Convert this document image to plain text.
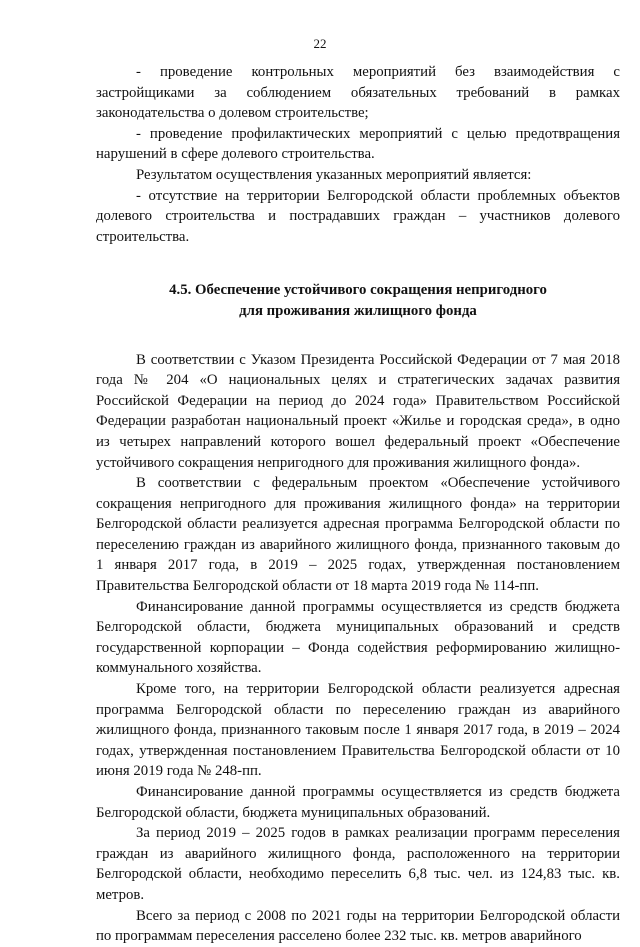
22

- проведение контрольных мероприятий без взаимодействия с застройщиками за соблюдением обязательных требований в рамках законодательства о долевом строительстве;

- проведение профилактических мероприятий с целью предотвращения нарушений в сфере долевого строительства.

Результатом осуществления указанных мероприятий является:

- отсутствие на территории Белгородской области проблемных объектов долевого строительства и пострадавших граждан – участников долевого строительства.

4.5. Обеспечение устойчивого сокращения непригодного
для проживания жилищного фонда

В соответствии с Указом Президента Российской Федерации от 7 мая 2018 года № 204 «О национальных целях и стратегических задачах развития Российской Федерации на период до 2024 года» Правительством Российской Федерации разработан национальный проект «Жилье и городская среда», в одно из четырех направлений которого вошел федеральный проект «Обеспечение устойчивого сокращения непригодного для проживания жилищного фонда».

В соответствии с федеральным проектом «Обеспечение устойчивого сокращения непригодного для проживания жилищного фонда» на территории Белгородской области реализуется адресная программа Белгородской области по переселению граждан из аварийного жилищного фонда, признанного таковым до 1 января 2017 года, в 2019 – 2025 годах, утвержденная постановлением Правительства Белгородской области от 18 марта 2019 года № 114-пп.

Финансирование данной программы осуществляется из средств бюджета Белгородской области, бюджета муниципальных образований и средств государственной корпорации – Фонда содействия реформированию жилищно-коммунального хозяйства.

Кроме того, на территории Белгородской области реализуется адресная программа Белгородской области по переселению граждан из аварийного жилищного фонда, признанного таковым после 1 января 2017 года, в 2019 – 2024 годах, утвержденная постановлением Правительства Белгородской области от 10 июня 2019 года № 248-пп.

Финансирование данной программы осуществляется из средств бюджета Белгородской области, бюджета муниципальных образований.

За период 2019 – 2025 годов в рамках реализации программ переселения граждан из аварийного жилищного фонда, расположенного на территории Белгородской области, необходимо переселить 6,8 тыс. чел. из 124,83 тыс. кв. метров.

Всего за период с 2008 по 2021 годы на территории Белгородской области по программам переселения расселено более 232 тыс. кв. метров аварийного
